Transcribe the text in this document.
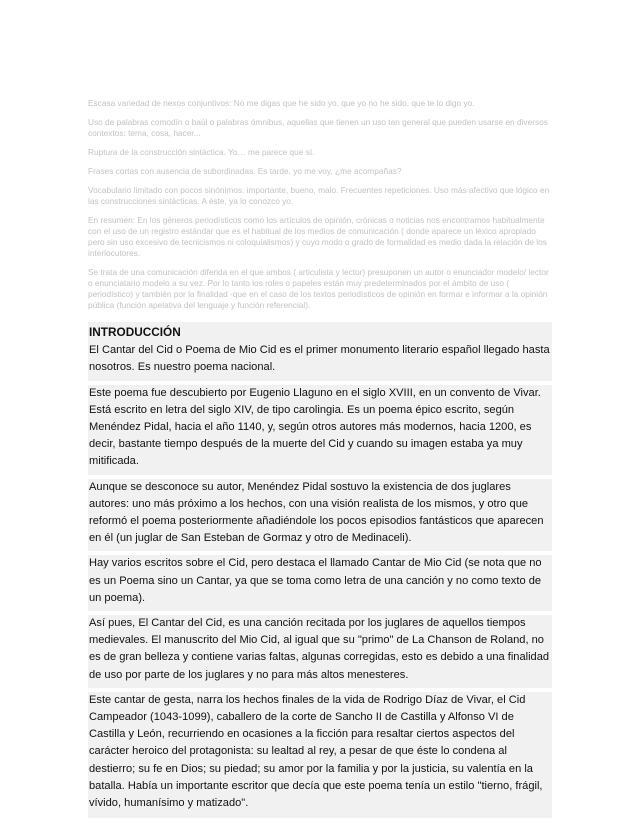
Escasa variedad de nexos conjuntivos: No me digas que he sido yo, que yo no he sido, que te lo digo yo.

Uso de palabras comodín o baúl o palabras ómnibus, aquellas que tienen un uso tan general que pueden usarse en diversos contextos: tema, cosa, hacer...

Ruptura de la construcción sintáctica. Yo… me parece que sí.

Frases cortas con ausencia de subordinadas. Es tarde, yo me voy, ¿me acompañas?

Vocabulario limitado con pocos sinónimos: importante, bueno, malo. Frecuentes repeticiones. Uso más afectivo que lógico en las construcciones sintácticas. A éste, ya lo conozco yo.

En resumen: En los géneros periodísticos como los artículos de opinión, crónicas o noticias nos encontramos habitualmente con el uso de un registro estándar que es el habitual de los medios de comunicación ( donde aparece un léxico apropiado pero sin uso excesivo de tecnicismos ni coloquialismos) y cuyo modo o grado de formalidad es medio dada la relación de los interlocutores.

Se trata de una comunicación diferida en el que ambos ( articulista y lector) presuponen un autor o enunciador modelo/ lector o enunciatario modelo a su vez. Por lo tanto los roles o papeles están muy predeterminados por el ámbito de uso ( periodístico) y también por la finalidad -que en el caso de los textos periodísticos de opinión en formar e informar a la opinión pública (función apelativa del lenguaje y función referencial).

INTRODUCCIÓN

El Cantar del Cid o Poema de Mio Cid es el primer monumento literario español llegado hasta nosotros. Es nuestro poema nacional.

Este poema fue descubierto por Eugenio Llaguno en el siglo XVIII, en un convento de Vivar. Está escrito en letra del siglo XIV, de tipo carolingia. Es un poema épico escrito, según Menéndez Pidal, hacia el año 1140, y, según otros autores más modernos, hacia 1200, es decir, bastante tiempo después de la muerte del Cid y cuando su imagen estaba ya muy mitificada.

Aunque se desconoce su autor, Menéndez Pidal sostuvo la existencia de dos juglares autores: uno más próximo a los hechos, con una visión realista de los mismos, y otro que reformó el poema posteriormente añadiéndole los pocos episodios fantásticos que aparecen en él (un juglar de San Esteban de Gormaz y otro de Medinaceli).

Hay varios escritos sobre el Cid, pero destaca el llamado Cantar de Mio Cid (se nota que no es un Poema sino un Cantar, ya que se toma como letra de una canción y no como texto de un poema).

Así pues, El Cantar del Cid, es una canción recitada por los juglares de aquellos tiempos medievales. El manuscrito del Mio Cid, al igual que su "primo" de La Chanson de Roland, no es de gran belleza y contiene varias faltas, algunas corregidas, esto es debido a una finalidad de uso por parte de los juglares y no para más altos menesteres.

Este cantar de gesta, narra los hechos finales de la vida de Rodrigo Díaz de Vivar, el Cid Campeador (1043-1099), caballero de la corte de Sancho II de Castilla y Alfonso VI de Castilla y León, recurriendo en ocasiones a la ficción para resaltar ciertos aspectos del carácter heroico del protagonista: su lealtad al rey, a pesar de que éste lo condena al destierro; su fe en Dios; su piedad; su amor por la familia y por la justicia, su valentía en la batalla. Había un importante escritor que decía que este poema tenía un estilo "tierno, frágil, vívido, humanísimo y matizado".
